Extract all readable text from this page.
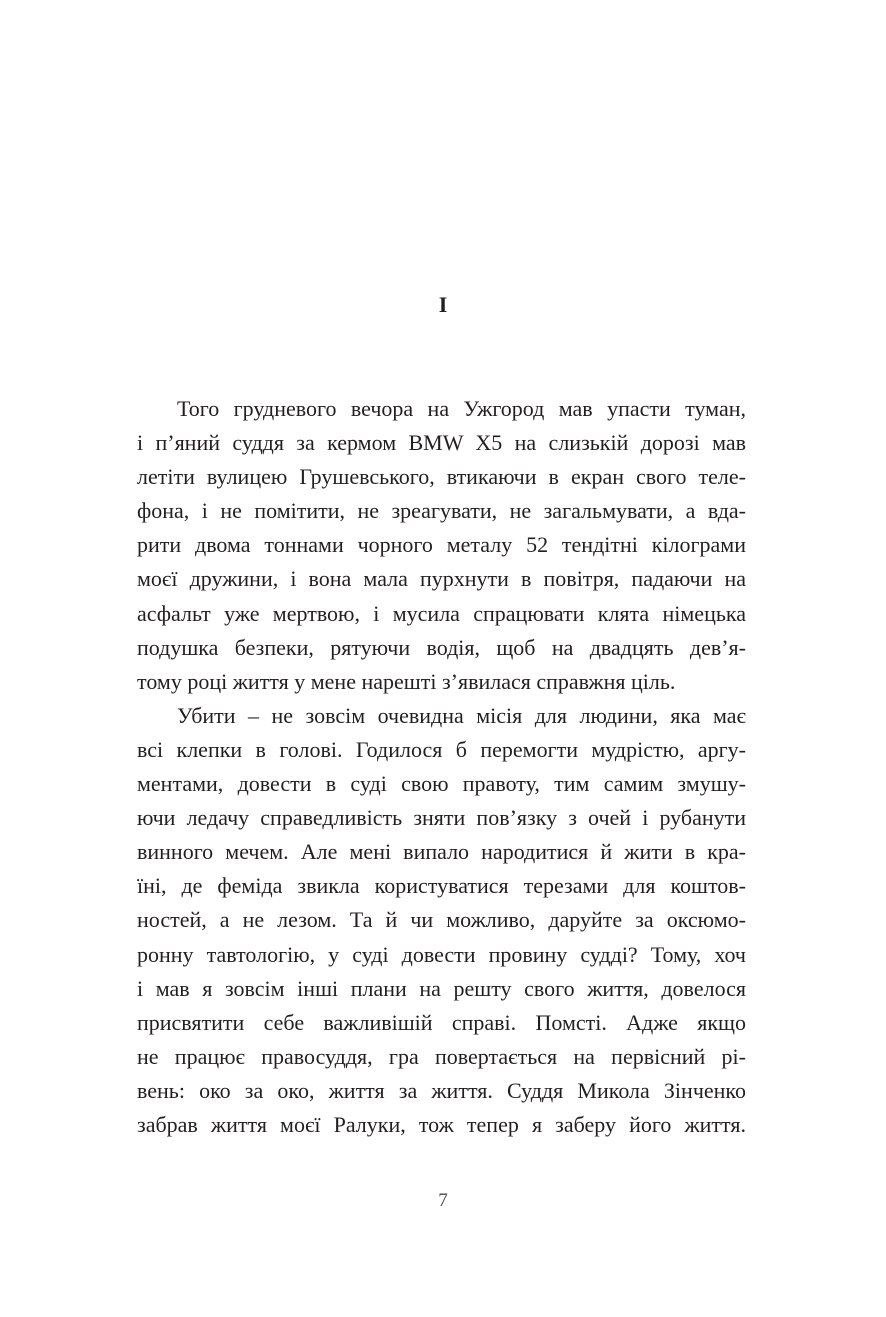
I
Того грудневого вечора на Ужгород мав упасти туман,
і п’яний суддя за кермом BMW X5 на слизькій дорозі мав
летіти вулицею Грушевського, втикаючи в екран свого теле-
фона, і не помітити, не зреагувати, не загальмувати, а вда-
рити двома тоннами чорного металу 52 тендітні кілограми
моєї дружини, і вона мала пурхнути в повітря, падаючи на
асфальт уже мертвою, і мусила спрацювати клята німецька
подушка безпеки, рятуючи водія, щоб на двадцять дев’я-
тому році життя у мене нарешті з’явилася справжня ціль.
Убити – не зовсім очевидна місія для людини, яка має
всі клепки в голові. Годилося б перемогти мудрістю, аргу-
ментами, довести в суді свою правоту, тим самим змушу-
ючи ледачу справедливість зняти пов’язку з очей і рубанути
винного мечем. Але мені випало народитися й жити в кра-
їні, де феміда звикла користуватися терезами для коштов-
ностей, а не лезом. Та й чи можливо, даруйте за оксюмо-
ронну тавтологію, у суді довести провину судді? Тому, хоч
і мав я зовсім інші плани на решту свого життя, довелося
присвятити себе важливішій справі. Помсті. Адже якщо
не працює правосуддя, гра повертається на первісний рі-
вень: око за око, життя за життя. Суддя Микола Зінченко
забрав життя моєї Ралуки, тож тепер я заберу його життя.
7
